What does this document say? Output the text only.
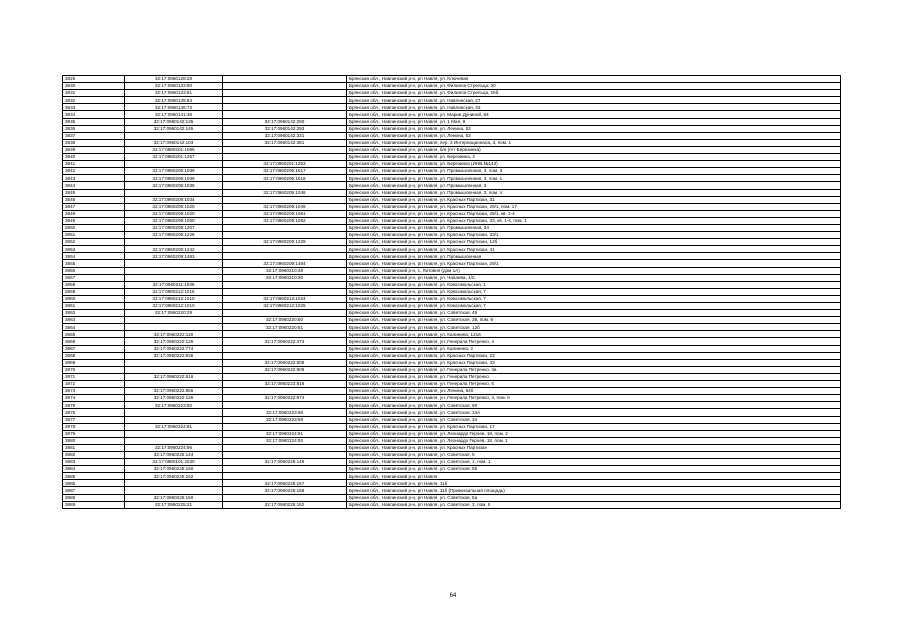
3829	32:17:0960128:28		Брянская обл., Навлинский р-н, рп Навля, ул. Ключевая
3830	32:17:0960133:80		Брянская обл., Навлинский р-н, рп Навля, ул. Филиппа Стрельца, 20
3831	32:17:0960133:81		Брянская обл., Навлинский р-н, рп Навля, ул. Филиппа Стрельца, 15б
3832	32:17:0960135:64		Брянская обл., Навлинский р-н, рп Навля, ул. Навлинская, 27
3833	32:17:0960136:73		Брянская обл., Навлинский р-н, рп Навля, ул. Навлинская, 33
3834	32:17:0960141:38		Брянская обл., Навлинский р-н, рп Навля, ул. Марии Дуниной, 94
3835	32:17:0960142:135	32:17:0960142:290	Брянская обл., Навлинский р-н, рп Навля, ул. 1 Мая, 9
3836	32:17:0960142:145	32:17:0960142:293	Брянская обл., Навлинский р-н, рп Навля, ул. Ленина, 53
3837		32:17:0960142:331	Брянская обл., Навлинский р-н, рп Навля, ул. Ленина, 53
3838	32:17:0960142:103	32:17:0960142:381	Брянская обл., Навлинский р-н, рп Навля, пер. 3 Интернационала, 3, пом. 1
3839	32:17:0960201:1085		Брянская обл., Навлинский р-н, рп Навля, б/н (пгт Березинка)
3840	32:17:0960201:1257		Брянская обл., Навлинский р-н, рп Навля, ул. Березинка, 2
3841		32:17:0960201:1253	Брянская обл., Навлинский р-н, рп Навля, ул. Березинка (ИНВ.№143)
3842	32:17:0960205:1039	32:17:0960205:1017	Брянская обл., Навлинский р-н, рп Навля, ул. Промышленная, 3, пом. 3
3843	32:17:0960205:1039	32:17:0960205:1018	Брянская обл., Навлинский р-н, рп Навля, ул. Промышленная, 3, пом. 1
3844	32:17:0960205:1039		Брянская обл., Навлинский р-н, рп Навля, ул. Промышленная, 3
3845		32:17:0960205:1046	Брянская обл., Навлинский р-н, рп Навля, ул. Промышленная, 3, пом. V
3846	32:17:0960209:1034		Брянская обл., Навлинский р-н, рп Навля, ул. Красных Партизан, 31
3847	32:17:0960209:1020	32:17:0960209:1049	Брянская обл., Навлинский р-н, рп Навля, ул. Красных Партизан, 29/1, пом. 17
3848	32:17:0960209:1020	32:17:0960209:1081	Брянская обл., Навлинский р-н, рп Навля, ул. Красных Партизан, 29/1, кв. 1-4
3849	32:17:0960209:1050	32:17:0960209:1082	Брянская обл., Навлинский р-н, рп Навля, ул. Красных Партизан, 33, кв. 1-4, пом. 1
3850	32:17:0960209:1207		Брянская обл., Навлинский р-н, рп Навля, ул. Промышленная, 34
3851	32:17:0960209:1226		Брянская обл., Навлинский р-н, рп Навля, ул. Красных Партизан, 33/1
3852		32:17:0960209:1229	Брянская обл., Навлинский р-н, рп Навля, ул. Красных Партизан, 12б
3853	32:17:0960209:1242		Брянская обл., Навлинский р-н, рп Навля, ул. Красных Партизан, 41
3854	32:17:0960209:1483		Брянская обл., Навлинский р-н, рп Навля, ул. Промышленная
3855		32:17:0960209:1484	Брянская обл., Навлинский р-н, рп Навля, ул. Красных Партизан, 29/1
3856		32:17:0960210:48	Брянская обл., Навлинский р-н, с. Литовня (дом 1А)
3857		32:17:0960210:30	Брянская обл., Навлинский р-н, рп Навля, ул. Чапаева, 1/С
3858	32:17:0960211:1039		Брянская обл., Навлинский р-н, рп Навля, ул. Комсомольская, 1
3859	32:17:0960212:1016		Брянская обл., Навлинский р-н, рп Навля, ул. Комсомольская, 7
3860	32:17:0960212:1010	32:17:0960212:1024	Брянская обл., Навлинский р-н, рп Навля, ул. Комсомольская, 7
3861	32:17:0960212:1010	32:17:0960212:1025	Брянская обл., Навлинский р-н, рп Навля, ул. Комсомольская, 7
3862	32:17:0960220:29		Брянская обл., Навлинский р-н, рп Навля, ул. Советская, 49
3863		32:17:0960220:80	Брянская обл., Навлинский р-н, рп Навля, ул. Советская, 38, пом. 8
3864		32:17:0960220:81	Брянская обл., Навлинский р-н, рп Навля, ул. Советская, 12б
3865	32:17:0960222:119		Брянская обл., Навлинский р-н, рп Навля, ул. Калинина, 121в
3866	32:17:0960222:126	32:17:0960222:473	Брянская обл., Навлинский р-н, рп Навля, ул. Генерала Петренко, 4
3867	32:17:0960222:774		Брянская обл., Навлинский р-н, рп Навля, ул. Калинина, 2
3868	32:17:0960222:836		Брянская обл., Навлинский р-н, рп Навля, ул. Красных Партизан, 23
3869		32:17:0960222:808	Брянская обл., Навлинский р-н, рп Навля, ул. Красных Партизан, 33
3870		32:17:0960222:809	Брянская обл., Навлинский р-н, рп Навля, ул. Генерала Петренко, 4а
3871	32:17:0960222:816		Брянская обл., Навлинский р-н, рп Навля, ул. Генерала Петренко
3872		32:17:0960222:818	Брянская обл., Навлинский р-н, рп Навля, ул. Генерала Петренко, 6
3873	32:17:0960222:856		Брянская обл., Навлинский р-н, рп Навля, ул. Ленина, 64б
3874	32:17:0960222:126	32:17:0960222:874	Брянская обл., Навлинский р-н, рп Навля, ул. Генерала Петренко, 4, пом. II
3875	32:17:0960223:50		Брянская обл., Навлинский р-н, рп Навля, ул. Советская, 90
3876		32:17:0960223:68	Брянская обл., Навлинский р-н, рп Навля, ул. Советская, 34А
3877		32:17:0960223:69	Брянская обл., Навлинский р-н, рп Навля, ул. Советская, 34
3878	32:17:0960224:81		Брянская обл., Навлинский р-н, рп Навля, ул. Красных Партизан, 17
3879		32:17:0960224:91	Брянская обл., Навлинский р-н, рп Навля, ул. Леонардо Героев, 18, пом. 2
3880		32:17:0960224:92	Брянская обл., Навлинский р-н, рп Навля, ул. Леонардо Героев, 18, пом. 1
3881	32:17:0960224:96		Брянская обл., Навлинский р-н, рп Навля, ул. Красных Партизан
3882	32:17:0960225:144		Брянская обл., Навлинский р-н, рп Навля, ул. Советская, 5
3883	32:17:0960101:2030	32:17:0960225:149	Брянская обл., Навлинский р-н, рп Навля, ул. Советская, 1, пом. 1
3884	32:17:0960225:150		Брянская обл., Навлинский р-н, рп Навля, ул. Советская, 56
3885	32:17:0960225:152		Брянская обл., Навлинский р-н, рп Навля
3886		32:17:0960225:157	Брянская обл., Навлинский р-н, рп Навля, 11б
3887		32:17:0960225:158	Брянская обл., Навлинский р-н, рп Навля, 11б (Привокзальная площадь)
3888	32:17:0960225:160		Брянская обл., Навлинский р-н, рп Навля, ул. Советская, 5а
3889	32:17:0960225:21	32:17:0960225:162	Брянская обл., Навлинский р-н, рп Навля, ул. Советская, 3, пом. II
64
